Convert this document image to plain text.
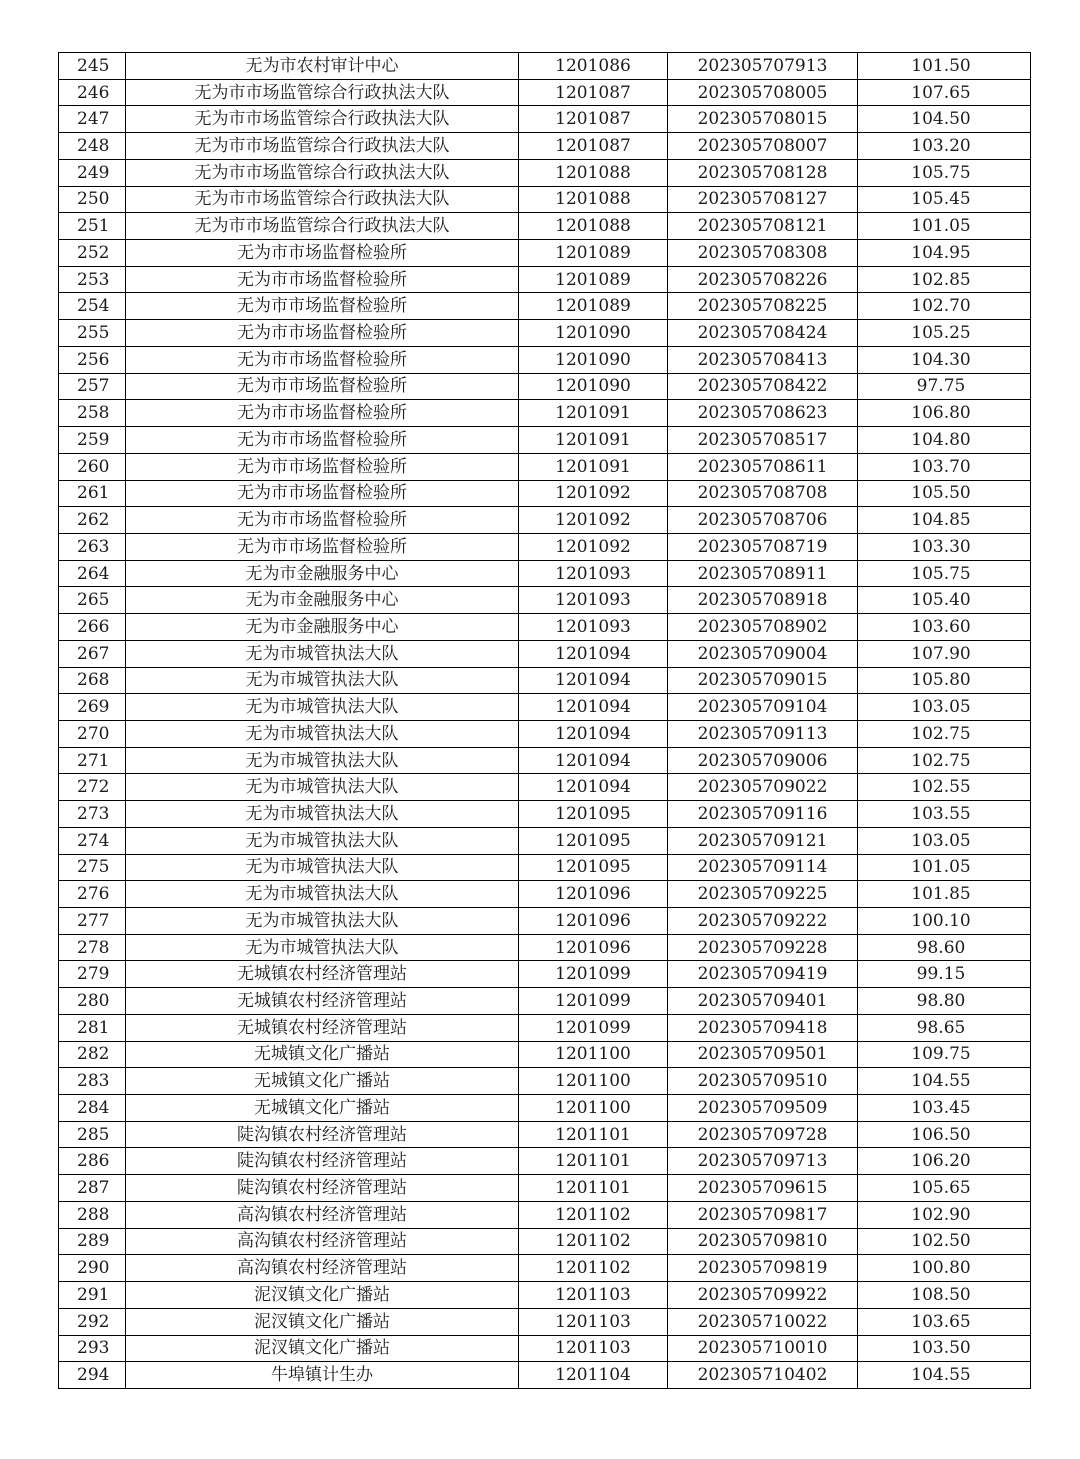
245	无为市农村审计中心	1201086	202305707913	101.50
246	无为市市场监管综合行政执法大队	1201087	202305708005	107.65
247	无为市市场监管综合行政执法大队	1201087	202305708015	104.50
248	无为市市场监管综合行政执法大队	1201087	202305708007	103.20
249	无为市市场监管综合行政执法大队	1201088	202305708128	105.75
250	无为市市场监管综合行政执法大队	1201088	202305708127	105.45
251	无为市市场监管综合行政执法大队	1201088	202305708121	101.05
252	无为市市场监督检验所	1201089	202305708308	104.95
253	无为市市场监督检验所	1201089	202305708226	102.85
254	无为市市场监督检验所	1201089	202305708225	102.70
255	无为市市场监督检验所	1201090	202305708424	105.25
256	无为市市场监督检验所	1201090	202305708413	104.30
257	无为市市场监督检验所	1201090	202305708422	97.75
258	无为市市场监督检验所	1201091	202305708623	106.80
259	无为市市场监督检验所	1201091	202305708517	104.80
260	无为市市场监督检验所	1201091	202305708611	103.70
261	无为市市场监督检验所	1201092	202305708708	105.50
262	无为市市场监督检验所	1201092	202305708706	104.85
263	无为市市场监督检验所	1201092	202305708719	103.30
264	无为市金融服务中心	1201093	202305708911	105.75
265	无为市金融服务中心	1201093	202305708918	105.40
266	无为市金融服务中心	1201093	202305708902	103.60
267	无为市城管执法大队	1201094	202305709004	107.90
268	无为市城管执法大队	1201094	202305709015	105.80
269	无为市城管执法大队	1201094	202305709104	103.05
270	无为市城管执法大队	1201094	202305709113	102.75
271	无为市城管执法大队	1201094	202305709006	102.75
272	无为市城管执法大队	1201094	202305709022	102.55
273	无为市城管执法大队	1201095	202305709116	103.55
274	无为市城管执法大队	1201095	202305709121	103.05
275	无为市城管执法大队	1201095	202305709114	101.05
276	无为市城管执法大队	1201096	202305709225	101.85
277	无为市城管执法大队	1201096	202305709222	100.10
278	无为市城管执法大队	1201096	202305709228	98.60
279	无城镇农村经济管理站	1201099	202305709419	99.15
280	无城镇农村经济管理站	1201099	202305709401	98.80
281	无城镇农村经济管理站	1201099	202305709418	98.65
282	无城镇文化广播站	1201100	202305709501	109.75
283	无城镇文化广播站	1201100	202305709510	104.55
284	无城镇文化广播站	1201100	202305709509	103.45
285	陡沟镇农村经济管理站	1201101	202305709728	106.50
286	陡沟镇农村经济管理站	1201101	202305709713	106.20
287	陡沟镇农村经济管理站	1201101	202305709615	105.65
288	高沟镇农村经济管理站	1201102	202305709817	102.90
289	高沟镇农村经济管理站	1201102	202305709810	102.50
290	高沟镇农村经济管理站	1201102	202305709819	100.80
291	泥汊镇文化广播站	1201103	202305709922	108.50
292	泥汊镇文化广播站	1201103	202305710022	103.65
293	泥汊镇文化广播站	1201103	202305710010	103.50
294	牛埠镇计生办	1201104	202305710402	104.55
